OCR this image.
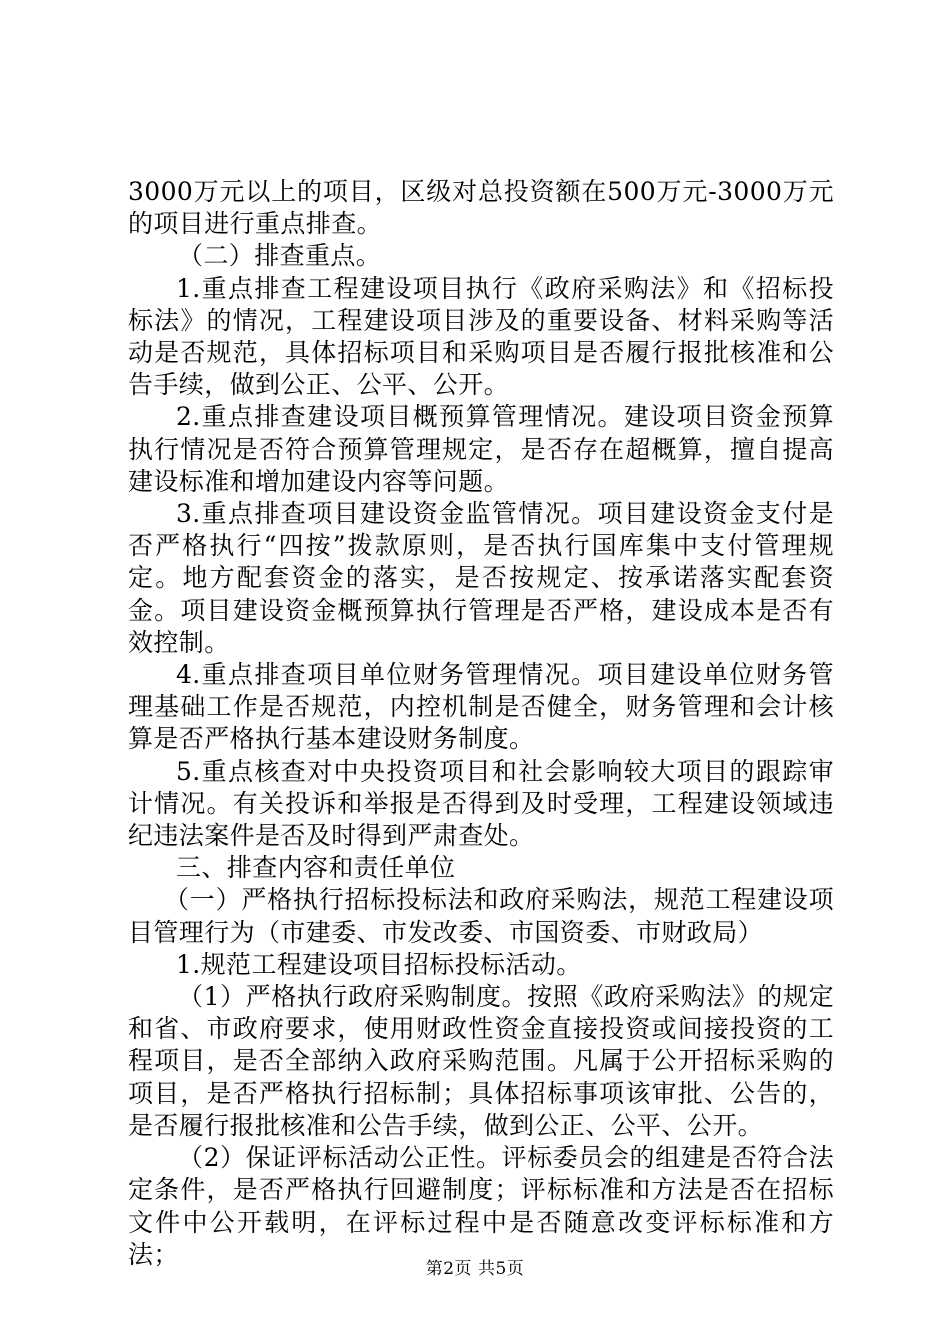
3000万元以上的项目，区级对总投资额在500万元-3000万元的项目进行重点排查。

（二）排查重点。

1.重点排查工程建设项目执行《政府采购法》和《招标投标法》的情况，工程建设项目涉及的重要设备、材料采购等活动是否规范，具体招标项目和采购项目是否履行报批核准和公告手续，做到公正、公平、公开。

2.重点排查建设项目概预算管理情况。建设项目资金预算执行情况是否符合预算管理规定，是否存在超概算，擅自提高建设标准和增加建设内容等问题。

3.重点排查项目建设资金监管情况。项目建设资金支付是否严格执行“四按”拨款原则，是否执行国库集中支付管理规定。地方配套资金的落实，是否按规定、按承诺落实配套资金。项目建设资金概预算执行管理是否严格，建设成本是否有效控制。

4.重点排查项目单位财务管理情况。项目建设单位财务管理基础工作是否规范，内控机制是否健全，财务管理和会计核算是否严格执行基本建设财务制度。

5.重点核查对中央投资项目和社会影响较大项目的跟踪审计情况。有关投诉和举报是否得到及时受理，工程建设领域违纪违法案件是否及时得到严肃查处。

三、排查内容和责任单位

（一）严格执行招标投标法和政府采购法，规范工程建设项目管理行为（市建委、市发改委、市国资委、市财政局）

1.规范工程建设项目招标投标活动。

（1）严格执行政府采购制度。按照《政府采购法》的规定和省、市政府要求，使用财政性资金直接投资或间接投资的工程项目，是否全部纳入政府采购范围。凡属于公开招标采购的项目，是否严格执行招标制；具体招标事项该审批、公告的，是否履行报批核准和公告手续，做到公正、公平、公开。

（2）保证评标活动公正性。评标委员会的组建是否符合法定条件，是否严格执行回避制度；评标标准和方法是否在招标文件中公开载明，在评标过程中是否随意改变评标标准和方法；

第2页 共5页
